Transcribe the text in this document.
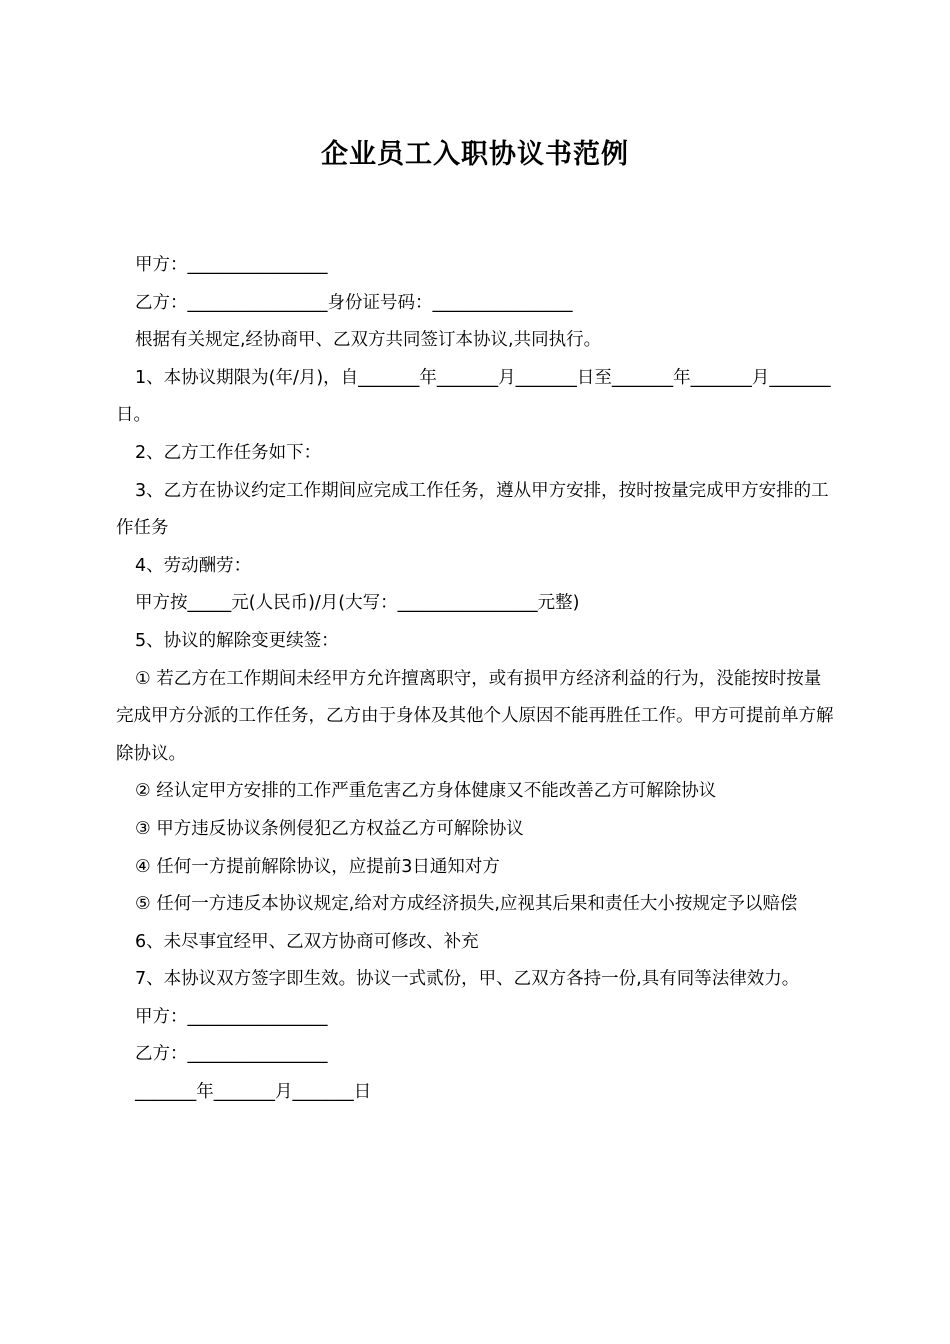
企业员工入职协议书范例

甲方：________________

乙方：________________身份证号码：________________

根据有关规定,经协商甲、乙双方共同签订本协议,共同执行。

1、本协议期限为(年/月)，自_______年_______月_______日至_______年_______月_______日。

2、乙方工作任务如下：

3、乙方在协议约定工作期间应完成工作任务，遵从甲方安排，按时按量完成甲方安排的工作任务

4、劳动酬劳：

甲方按_____元(人民币)/月(大写：________________元整)

5、协议的解除变更续签：

① 若乙方在工作期间未经甲方允许擅离职守，或有损甲方经济利益的行为，没能按时按量完成甲方分派的工作任务，乙方由于身体及其他个人原因不能再胜任工作。甲方可提前单方解除协议。

② 经认定甲方安排的工作严重危害乙方身体健康又不能改善乙方可解除协议

③ 甲方违反协议条例侵犯乙方权益乙方可解除协议

④ 任何一方提前解除协议，应提前3日通知对方

⑤ 任何一方违反本协议规定,给对方成经济损失,应视其后果和责任大小按规定予以赔偿

6、未尽事宜经甲、乙双方协商可修改、补充

7、本协议双方签字即生效。协议一式贰份，甲、乙双方各持一份,具有同等法律效力。

甲方：________________

乙方：________________

_______年_______月_______日
